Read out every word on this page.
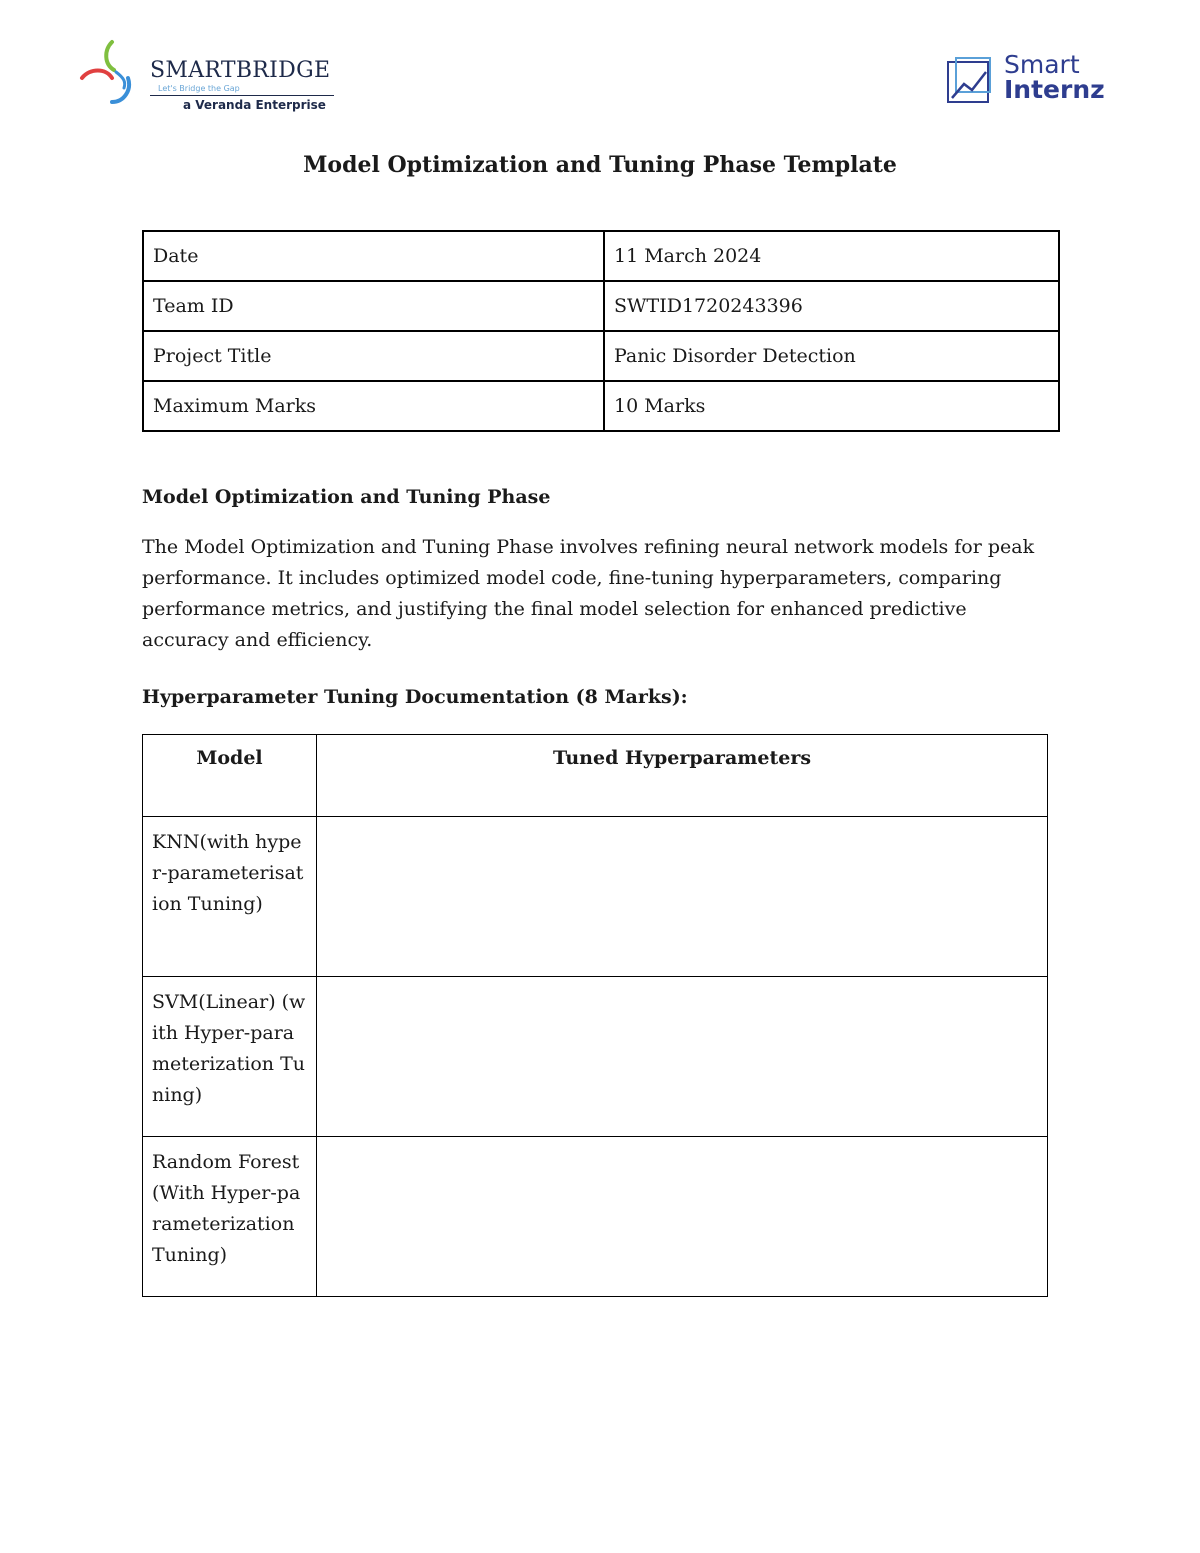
SMARTBRIDGE
Let's Bridge the Gap
a Veranda Enterprise
Smart
Internz
Model Optimization and Tuning Phase Template
Date	11 March 2024
Team ID	SWTID1720243396
Project Title	Panic Disorder Detection
Maximum Marks	10 Marks
Model Optimization and Tuning Phase
The Model Optimization and Tuning Phase involves refining neural network models for peak performance. It includes optimized model code, fine-tuning hyperparameters, comparing performance metrics, and justifying the final model selection for enhanced predictive accuracy and efficiency.
Hyperparameter Tuning Documentation (8 Marks):
Model	Tuned Hyperparameters
KNN(with hyper-parameterisation Tuning)	
SVM(Linear) (with Hyper-parameterization Tuning)	
Random Forest (With Hyper-parameterization Tuning)	
